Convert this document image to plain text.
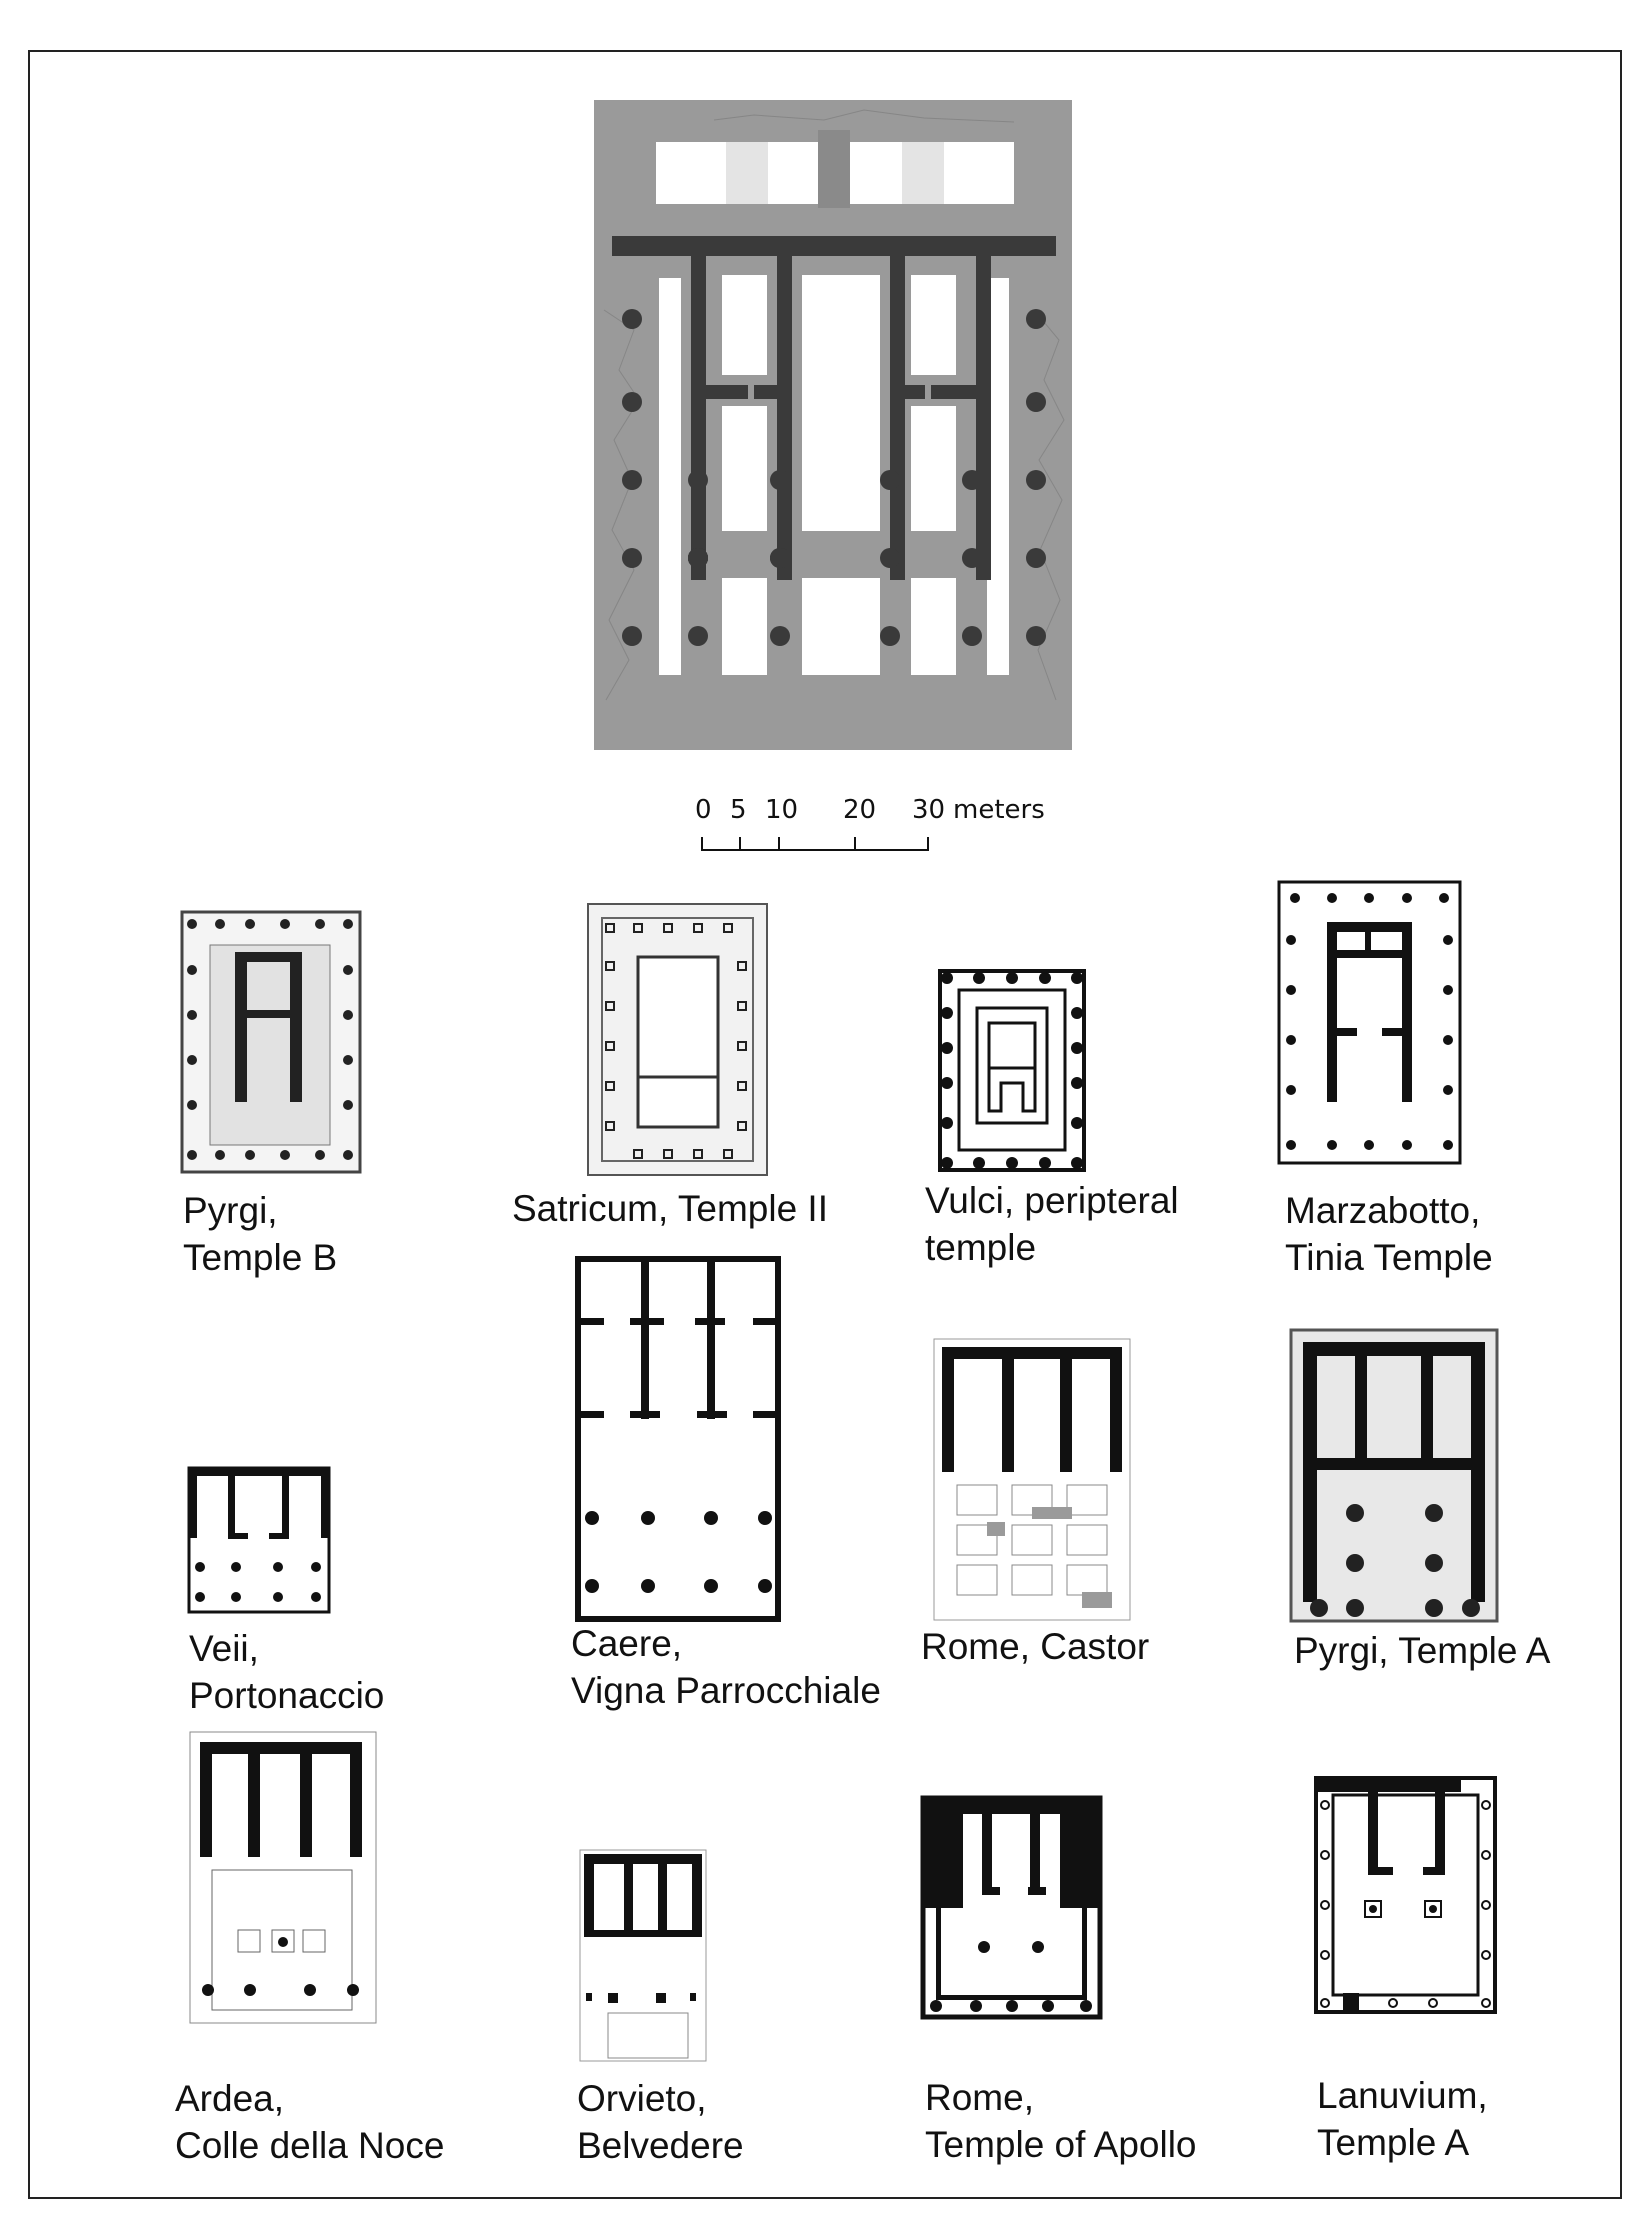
0 5 10 20 30 meters
Pyrgi,
Temple B
Satricum, Temple II	Vulci, peripteral
temple
Marzabotto,
Tinia Temple
Veii,
Portonaccio
Caere,
Vigna Parrocchiale
Rome, Castor	Pyrgi, Temple A
Ardea,
Colle della Noce
Orvieto,
Belvedere
Rome,
Temple of Apollo
Lanuvium,
Temple A
